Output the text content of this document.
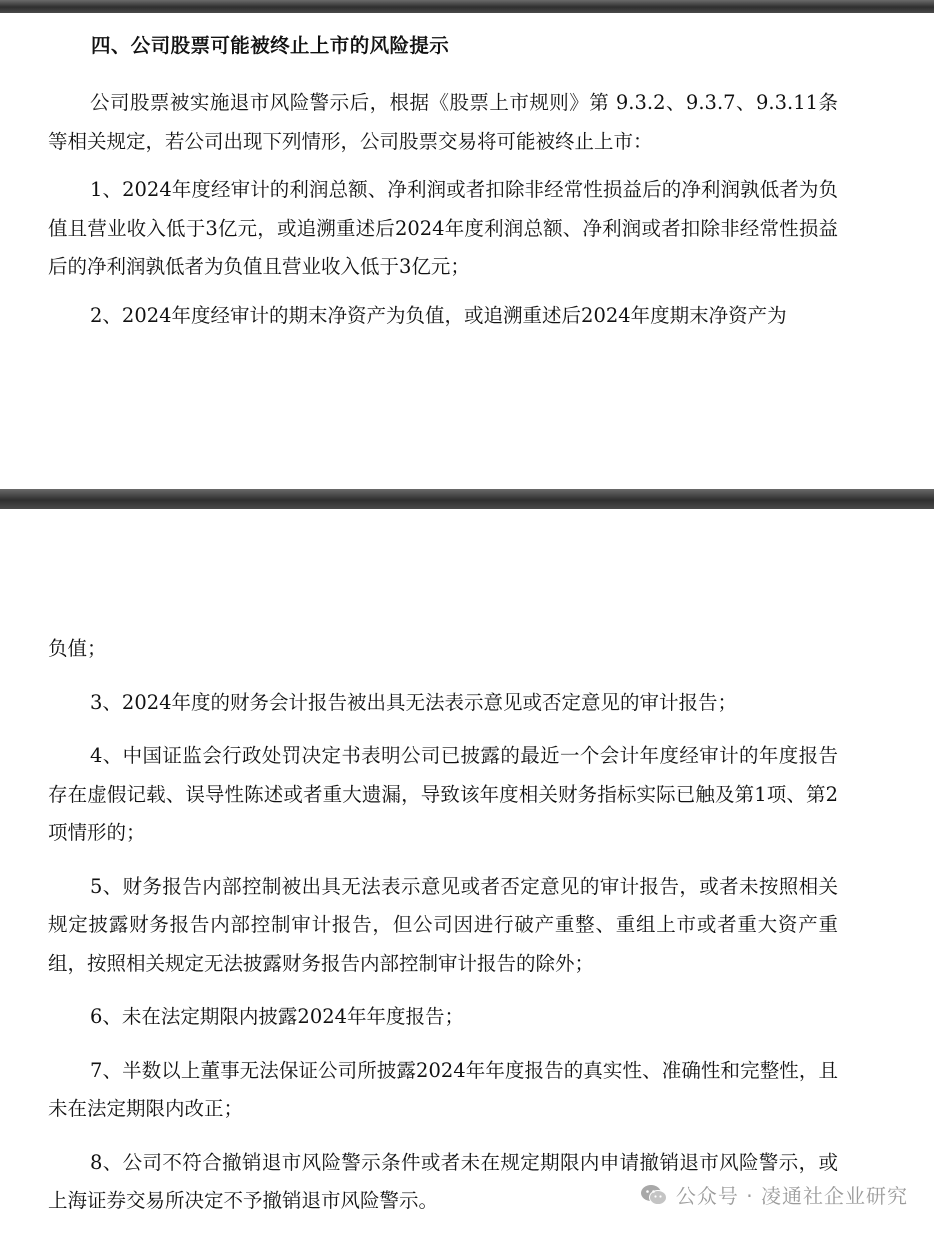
四、公司股票可能被终止上市的风险提示

公司股票被实施退市风险警示后，根据《股票上市规则》第 9.3.2、9.3.7、9.3.11条等相关规定，若公司出现下列情形，公司股票交易将可能被终止上市：

1、2024年度经审计的利润总额、净利润或者扣除非经常性损益后的净利润孰低者为负值且营业收入低于3亿元，或追溯重述后2024年度利润总额、净利润或者扣除非经常性损益后的净利润孰低者为负值且营业收入低于3亿元；

2、2024年度经审计的期末净资产为负值，或追溯重述后2024年度期末净资产为

负值；

3、2024年度的财务会计报告被出具无法表示意见或否定意见的审计报告；

4、中国证监会行政处罚决定书表明公司已披露的最近一个会计年度经审计的年度报告存在虚假记载、误导性陈述或者重大遗漏，导致该年度相关财务指标实际已触及第1项、第2项情形的；

5、财务报告内部控制被出具无法表示意见或者否定意见的审计报告，或者未按照相关规定披露财务报告内部控制审计报告，但公司因进行破产重整、重组上市或者重大资产重组，按照相关规定无法披露财务报告内部控制审计报告的除外；

6、未在法定期限内披露2024年年度报告；

7、半数以上董事无法保证公司所披露2024年年度报告的真实性、准确性和完整性，且未在法定期限内改正；

8、公司不符合撤销退市风险警示条件或者未在规定期限内申请撤销退市风险警示，或上海证券交易所决定不予撤销退市风险警示。	公众号 · 凌通社企业研究
